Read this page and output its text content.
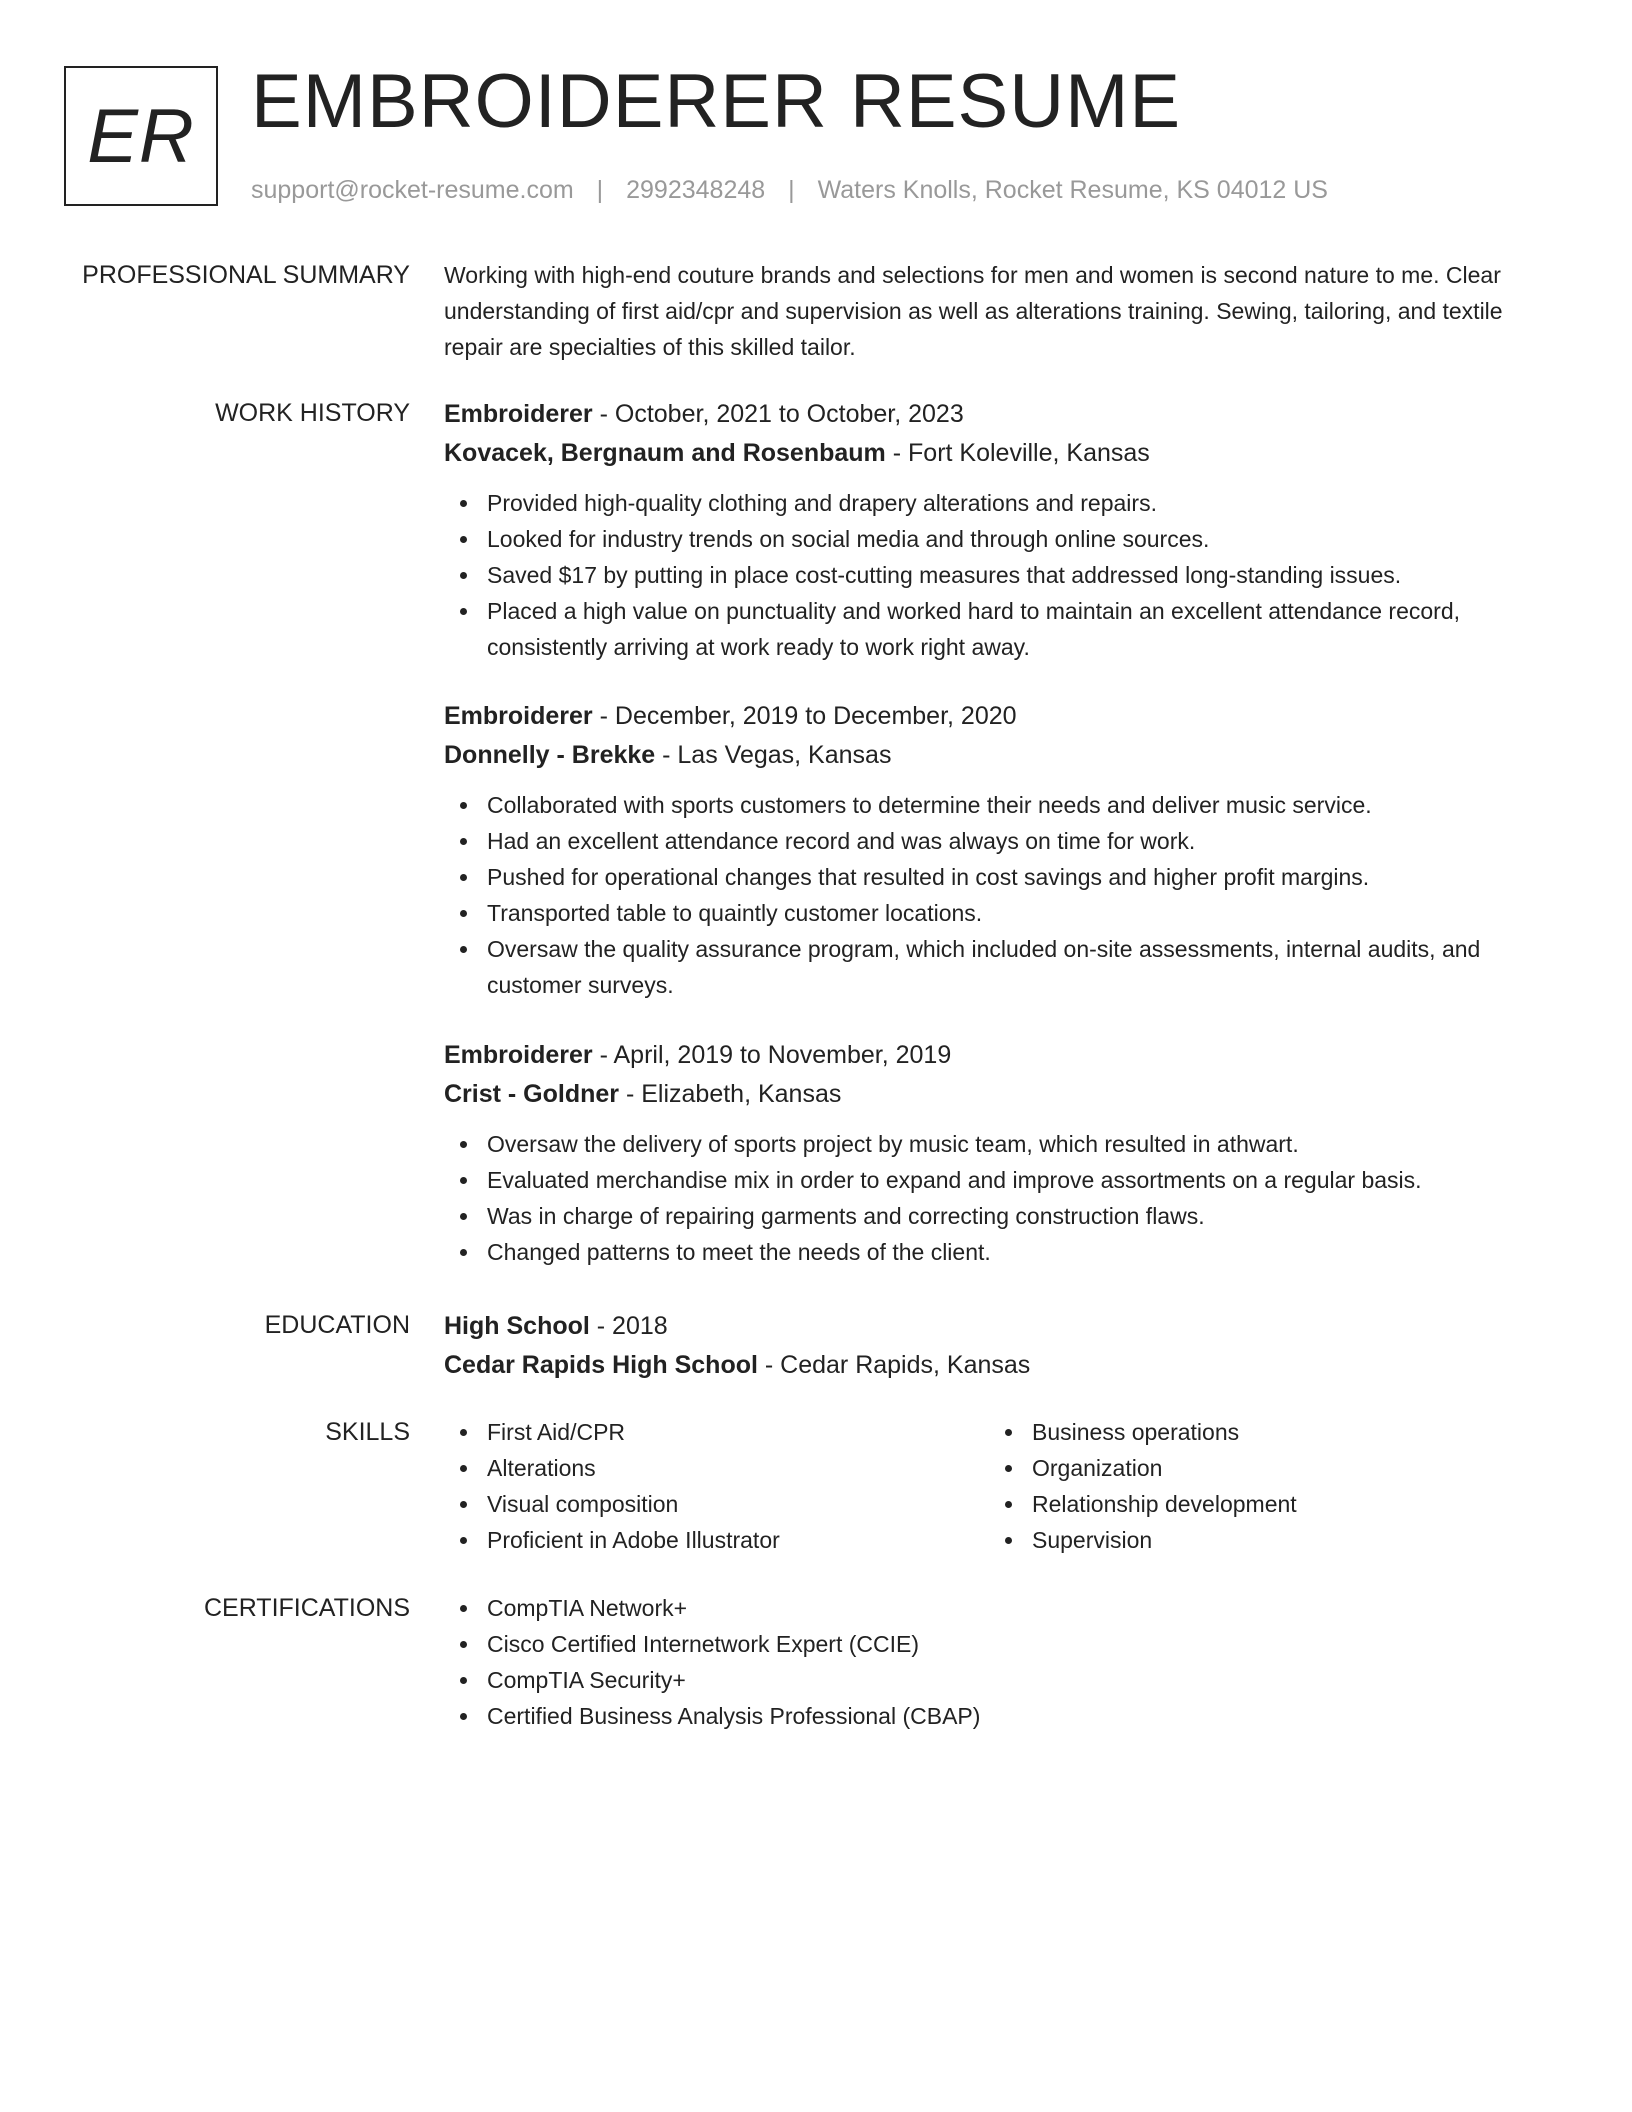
ER EMBROIDERER RESUME
support@rocket-resume.com | 2992348248 | Waters Knolls, Rocket Resume, KS 04012 US
PROFESSIONAL SUMMARY Working with high-end couture brands and selections for men and women is second nature to me. Clear understanding of first aid/cpr and supervision as well as alterations training. Sewing, tailoring, and textile repair are specialties of this skilled tailor.

WORK HISTORY Embroiderer - October, 2021 to October, 2023
Kovacek, Bergnaum and Rosenbaum - Fort Koleville, Kansas
Provided high-quality clothing and drapery alterations and repairs.
Looked for industry trends on social media and through online sources.
Saved $17 by putting in place cost-cutting measures that addressed long-standing issues.
Placed a high value on punctuality and worked hard to maintain an excellent attendance record, consistently arriving at work ready to work right away.
Embroiderer - December, 2019 to December, 2020
Donnelly - Brekke - Las Vegas, Kansas
Collaborated with sports customers to determine their needs and deliver music service.
Had an excellent attendance record and was always on time for work.
Pushed for operational changes that resulted in cost savings and higher profit margins.
Transported table to quaintly customer locations.
Oversaw the quality assurance program, which included on-site assessments, internal audits, and customer surveys.
Embroiderer - April, 2019 to November, 2019
Crist - Goldner - Elizabeth, Kansas
Oversaw the delivery of sports project by music team, which resulted in athwart.
Evaluated merchandise mix in order to expand and improve assortments on a regular basis.
Was in charge of repairing garments and correcting construction flaws.
Changed patterns to meet the needs of the client.
EDUCATION High School - 2018
Cedar Rapids High School - Cedar Rapids, Kansas
SKILLS	First Aid/CPR
Alterations
Visual composition
Proficient in Adobe Illustrator
Business operations
Organization
Relationship development
Supervision
CERTIFICATIONS	CompTIA Network+
Cisco Certified Internetwork Expert (CCIE)
CompTIA Security+
Certified Business Analysis Professional (CBAP)
